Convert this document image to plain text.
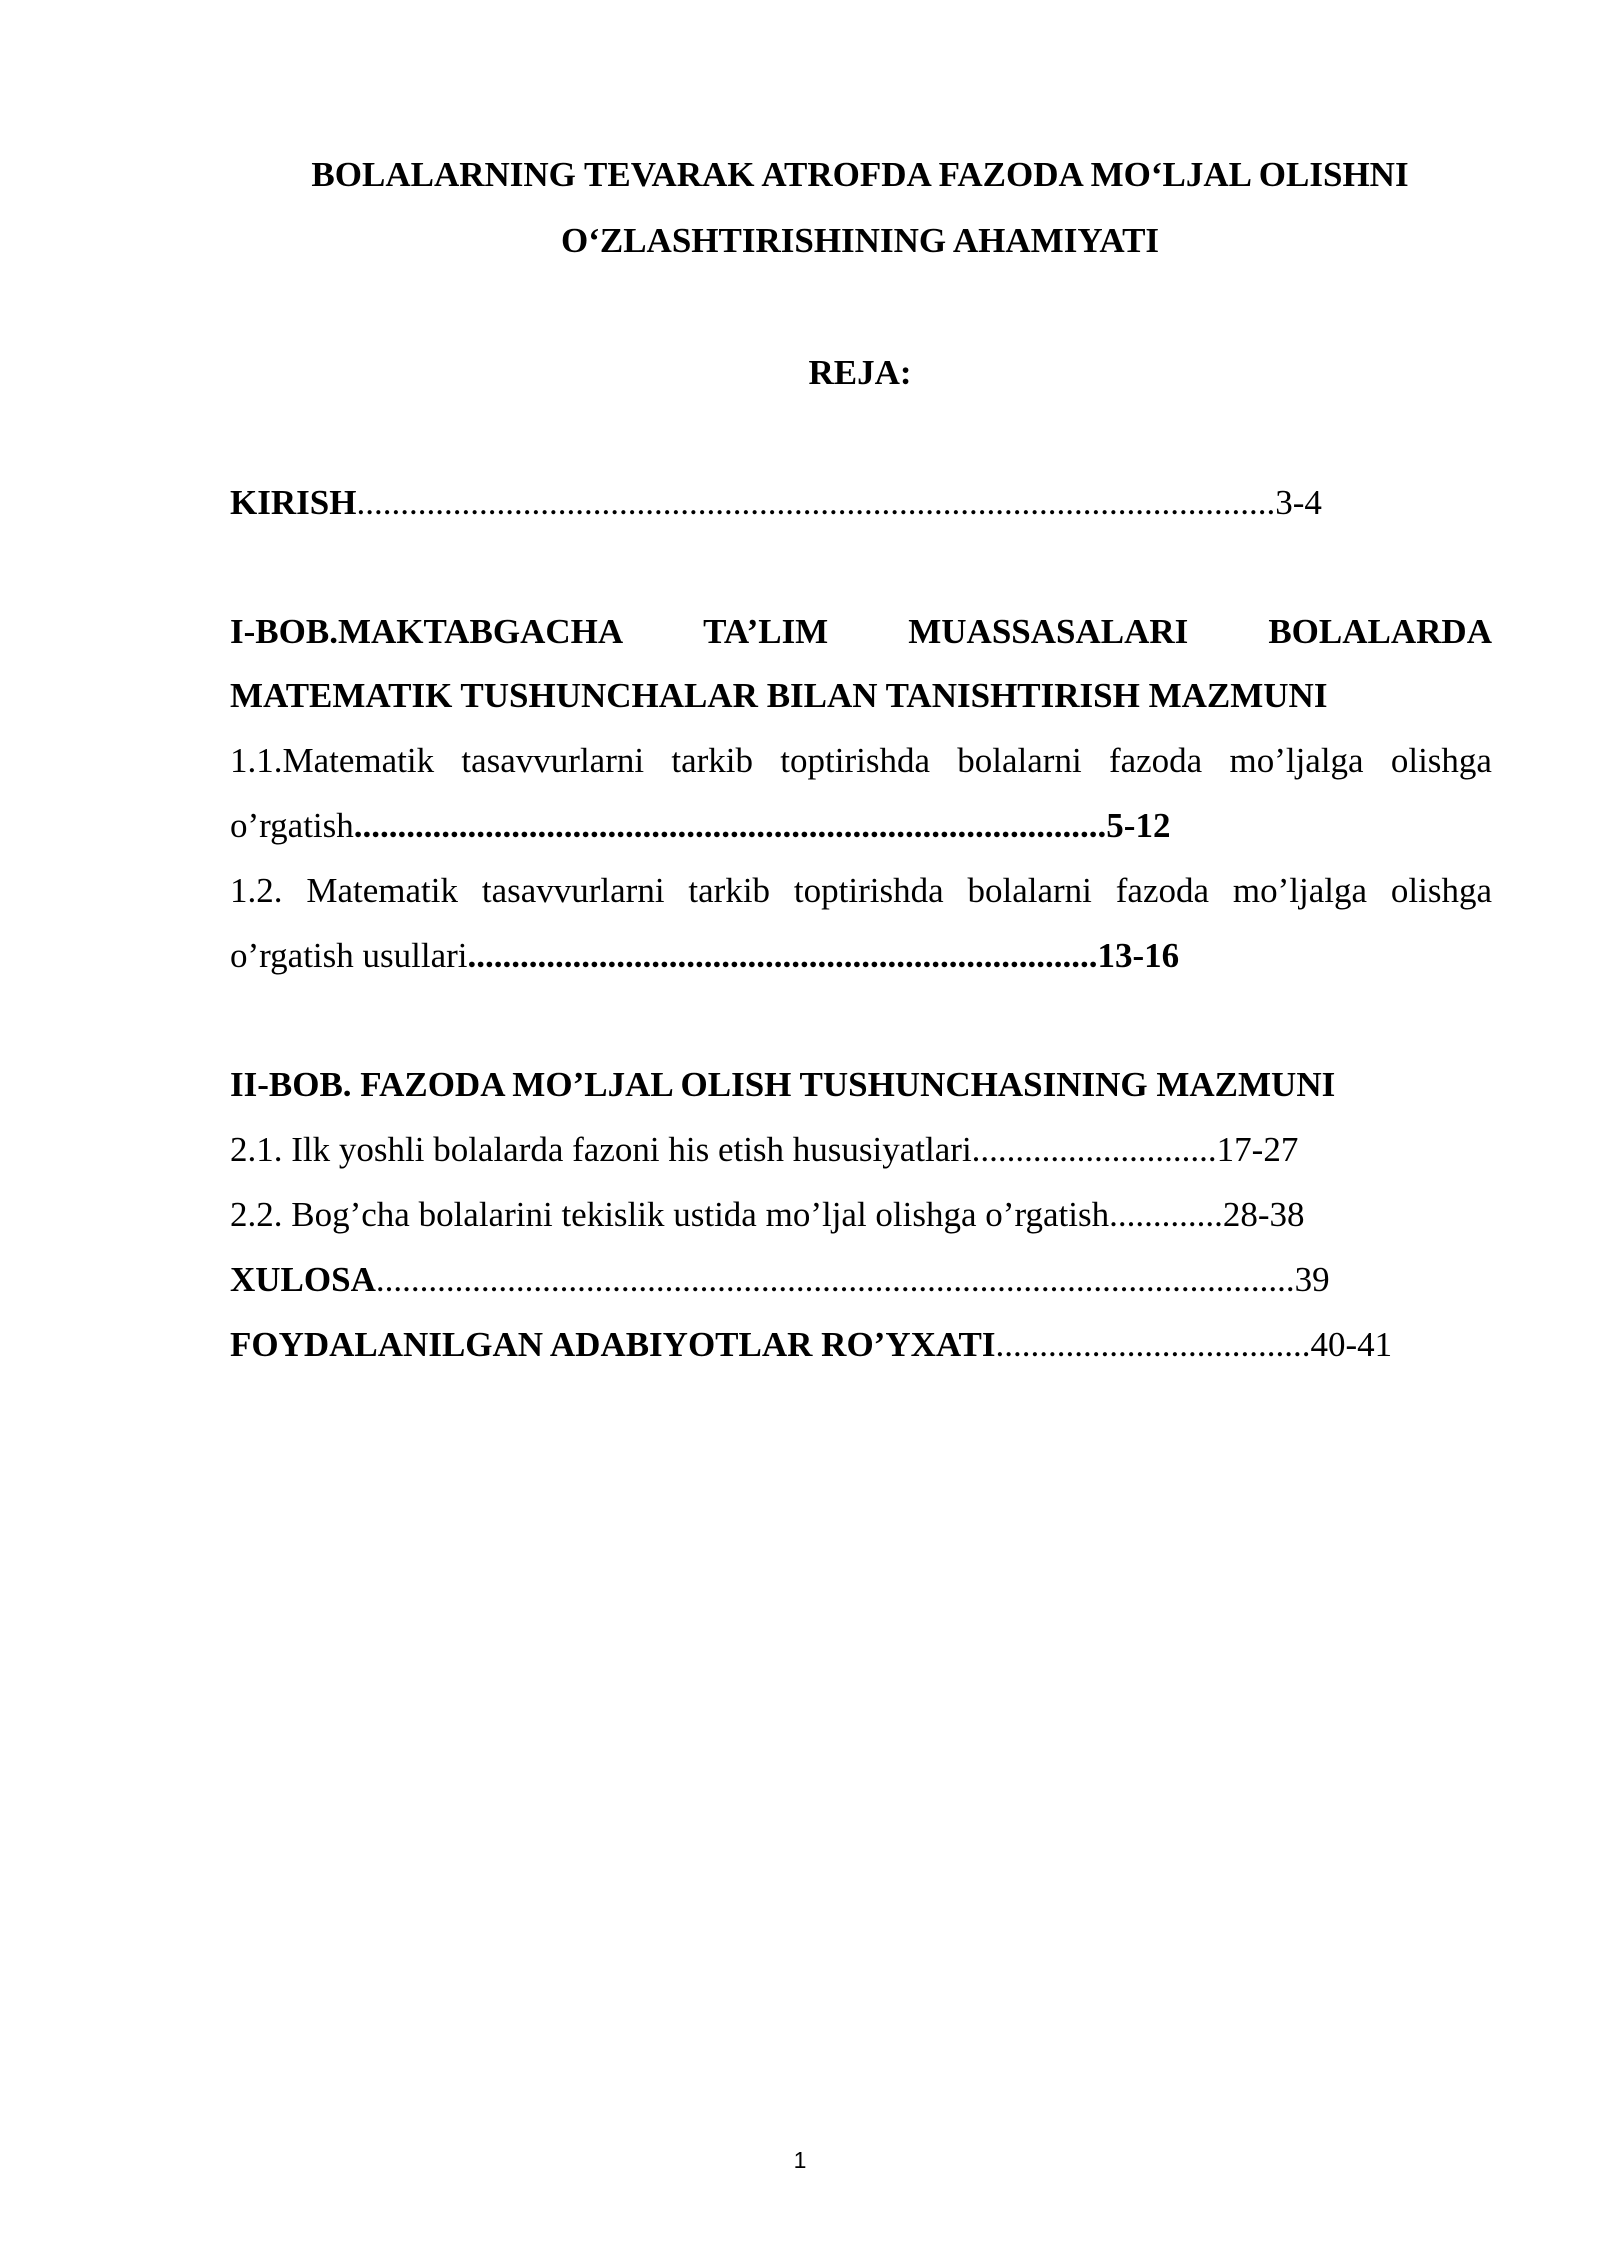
BOLALARNING TEVARAK ATROFDA FAZODA MO‘LJAL OLISHNI
O‘ZLASHTIRISHINING AHAMIYATI
REJA:
KIRISH.........................................................................................................3-4
I-BOB.MAKTABGACHA TA’LIM MUASSASALARI BOLALARDA
MATEMATIK TUSHUNCHALAR BILAN TANISHTIRISH MAZMUNI
1.1.Matematik tasavvurlarni tarkib toptirishda bolalarni fazoda mo’ljalga olishga
o’rgatish......................................................................................5-12
1.2. Matematik tasavvurlarni tarkib toptirishda bolalarni fazoda mo’ljalga olishga
o’rgatish usullari........................................................................13-16
II-BOB. FAZODA MO’LJAL OLISH TUSHUNCHASINING MAZMUNI
2.1. Ilk yoshli bolalarda fazoni his etish hususiyatlari............................17-27
2.2. Bog’cha bolalarini tekislik ustida mo’ljal olishga o’rgatish.............28-38
XULOSA.........................................................................................................39
FOYDALANILGAN ADABIYOTLAR RO’YXATI....................................40-41
1
